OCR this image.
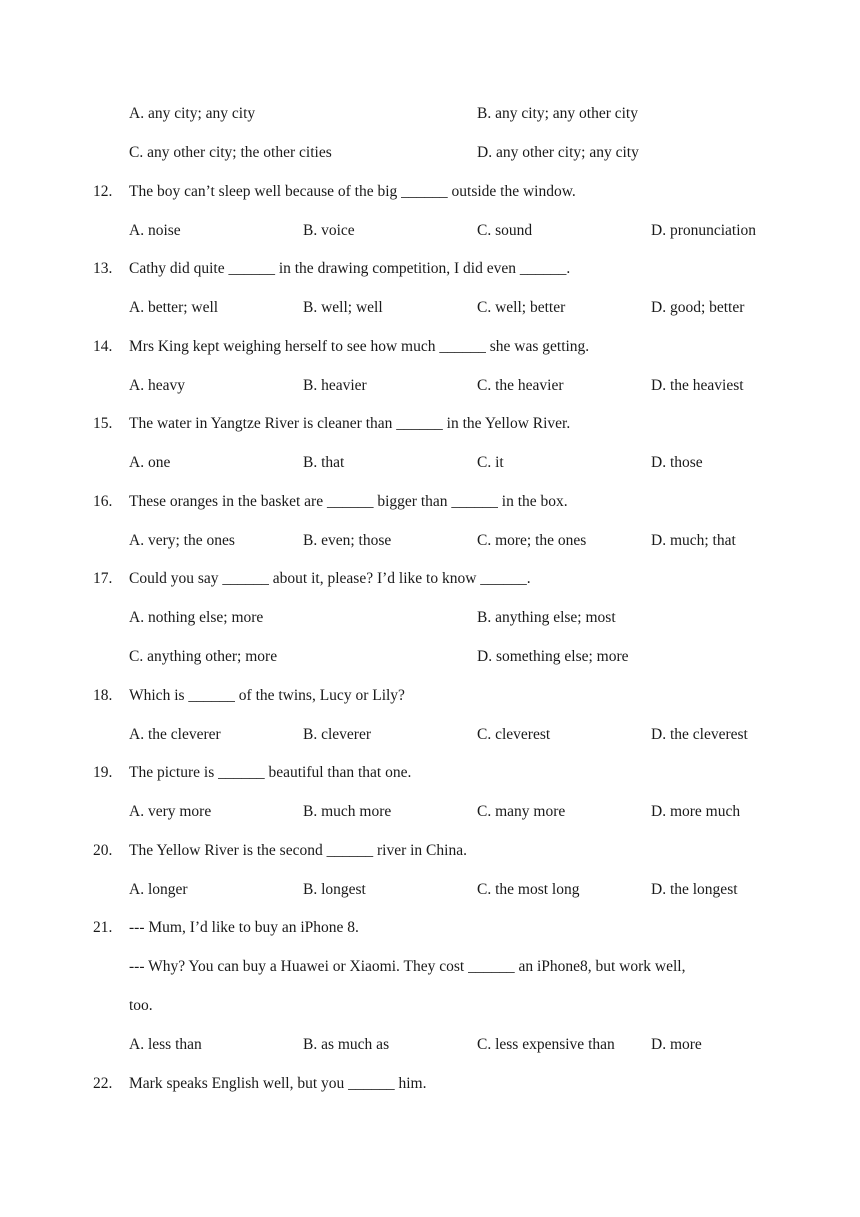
A. any city; any city	B. any city; any other city
C. any other city; the other cities	D. any other city; any city
12. The boy can’t sleep well because of the big ______ outside the window.
A. noise	B. voice	C. sound	D. pronunciation
13. Cathy did quite ______ in the drawing competition, I did even ______.
A. better; well	B. well; well	C. well; better	D. good; better
14. Mrs King kept weighing herself to see how much ______ she was getting.
A. heavy	B. heavier	C. the heavier	D. the heaviest
15. The water in Yangtze River is cleaner than ______ in the Yellow River.
A. one	B. that	C. it	D. those
16. These oranges in the basket are ______ bigger than ______ in the box.
A. very; the ones	B. even; those	C. more; the ones	D. much; that
17. Could you say ______ about it, please? I’d like to know ______.
A. nothing else; more	B. anything else; most
C. anything other; more	D. something else; more
18. Which is ______ of the twins, Lucy or Lily?
A. the cleverer	B. cleverer	C. cleverest	D. the cleverest
19. The picture is ______ beautiful than that one.
A. very more	B. much more	C. many more	D. more much
20. The Yellow River is the second ______ river in China.
A. longer	B. longest	C. the most long	D. the longest
21. --- Mum, I’d like to buy an iPhone 8.
--- Why? You can buy a Huawei or Xiaomi. They cost ______ an iPhone8, but work well,
too.
A. less than	B. as much as	C. less expensive than D. more
22. Mark speaks English well, but you ______ him.
